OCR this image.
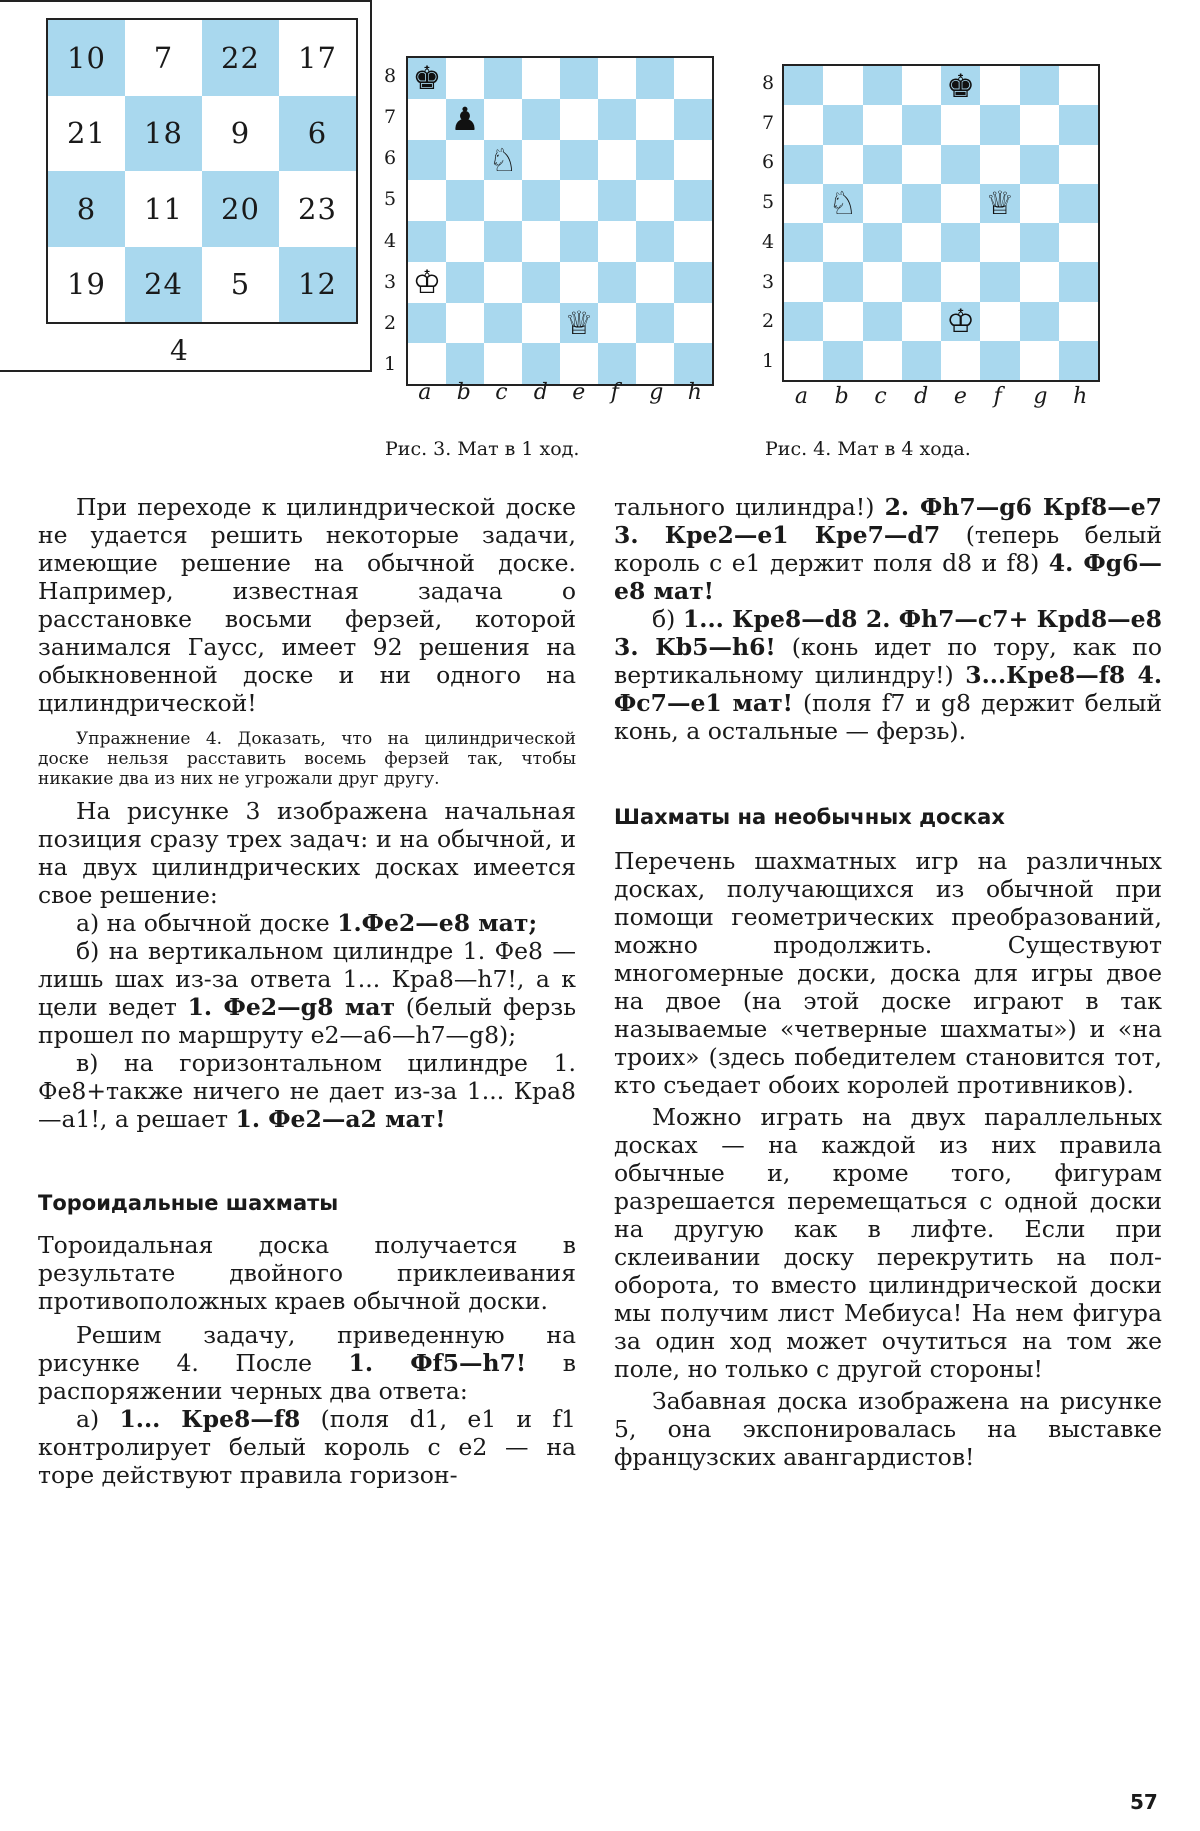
10	7	22	17
21	18	9	6
8	11	20	23
19	24	5	12
4
8
7
6
5
4
3
2
1
♚
♟
♘
♔
♕
a b c d e f g h
Рис. 3. Мат в 1 ход.
8
7
6
5
4
3
2
1
♚
♘	♕
♔
a b c d e f g h
Рис. 4. Мат в 4 хода.

При переходе к цилиндрической доске не удается решить некоторые задачи, имеющие решение на обычной доске. Например, известная задача о расстановке восьми ферзей, которой занимался Гаусс, имеет 92 решения на обыкновенной доске и ни одного на цилиндрической!

Упражнение 4. Доказать, что на цилиндрической доске нельзя расставить восемь ферзей так, чтобы никакие два из них не угрожали друг другу.

На рисунке 3 изображена начальная позиция сразу трех задач: и на обычной, и на двух цилиндрических досках имеется свое решение:

а) на обычной доске 1.Фе2—е8 мат;

б) на вертикальном цилиндре 1. Фе8 — лишь шах из-за ответа 1... Кра8—h7!, а к цели ведет 1. Фе2—g8 мат (белый ферзь прошел по маршруту е2—а6—h7—g8);

в) на горизонтальном цилиндре 1. Фе8+также ничего не дает из-за 1... Кра8—а1!, а решает 1. Фе2—а2 мат!

Тороидальные шахматы

Тороидальная доска получается в результате двойного приклеивания противоположных краев обычной доски.

Решим задачу, приведенную на рисунке 4. После 1. Фf5—h7! в распоряжении черных два ответа:

а) 1... Кре8—f8 (поля d1, е1 и f1 контролирует белый король с е2 — на торе действуют правила горизон-

тального цилиндра!) 2. Фh7—g6 Крf8—е7 3. Кре2—е1 Кре7—d7 (теперь белый король с е1 держит поля d8 и f8) 4. Фg6—е8 мат!

б) 1... Кре8—d8 2. Фh7—с7+ Крd8—е8 3. Kb5—h6! (конь идет по тору, как по вертикальному цилиндру!) 3...Кре8—f8 4. Фс7—е1 мат! (поля f7 и g8 держит белый конь, а остальные — ферзь).

Шахматы на необычных досках

Перечень шахматных игр на различных досках, получающихся из обычной при помощи геометрических преобразований, можно продолжить. Существуют многомерные доски, доска для игры двое на двое (на этой доске играют в так называемые «четверные шахматы») и «на троих» (здесь победителем становится тот, кто съедает обоих королей противников).

Можно играть на двух параллельных досках — на каждой из них правила обычные и, кроме того, фигурам разрешается перемещаться с одной доски на другую как в лифте. Если при склеивании доску перекрутить на пол-оборота, то вместо цилиндрической доски мы получим лист Мебиуса! На нем фигура за один ход может очутиться на том же поле, но только с другой стороны!

Забавная доска изображена на рисунке 5, она экспонировалась на выставке французских авангардистов!

57
